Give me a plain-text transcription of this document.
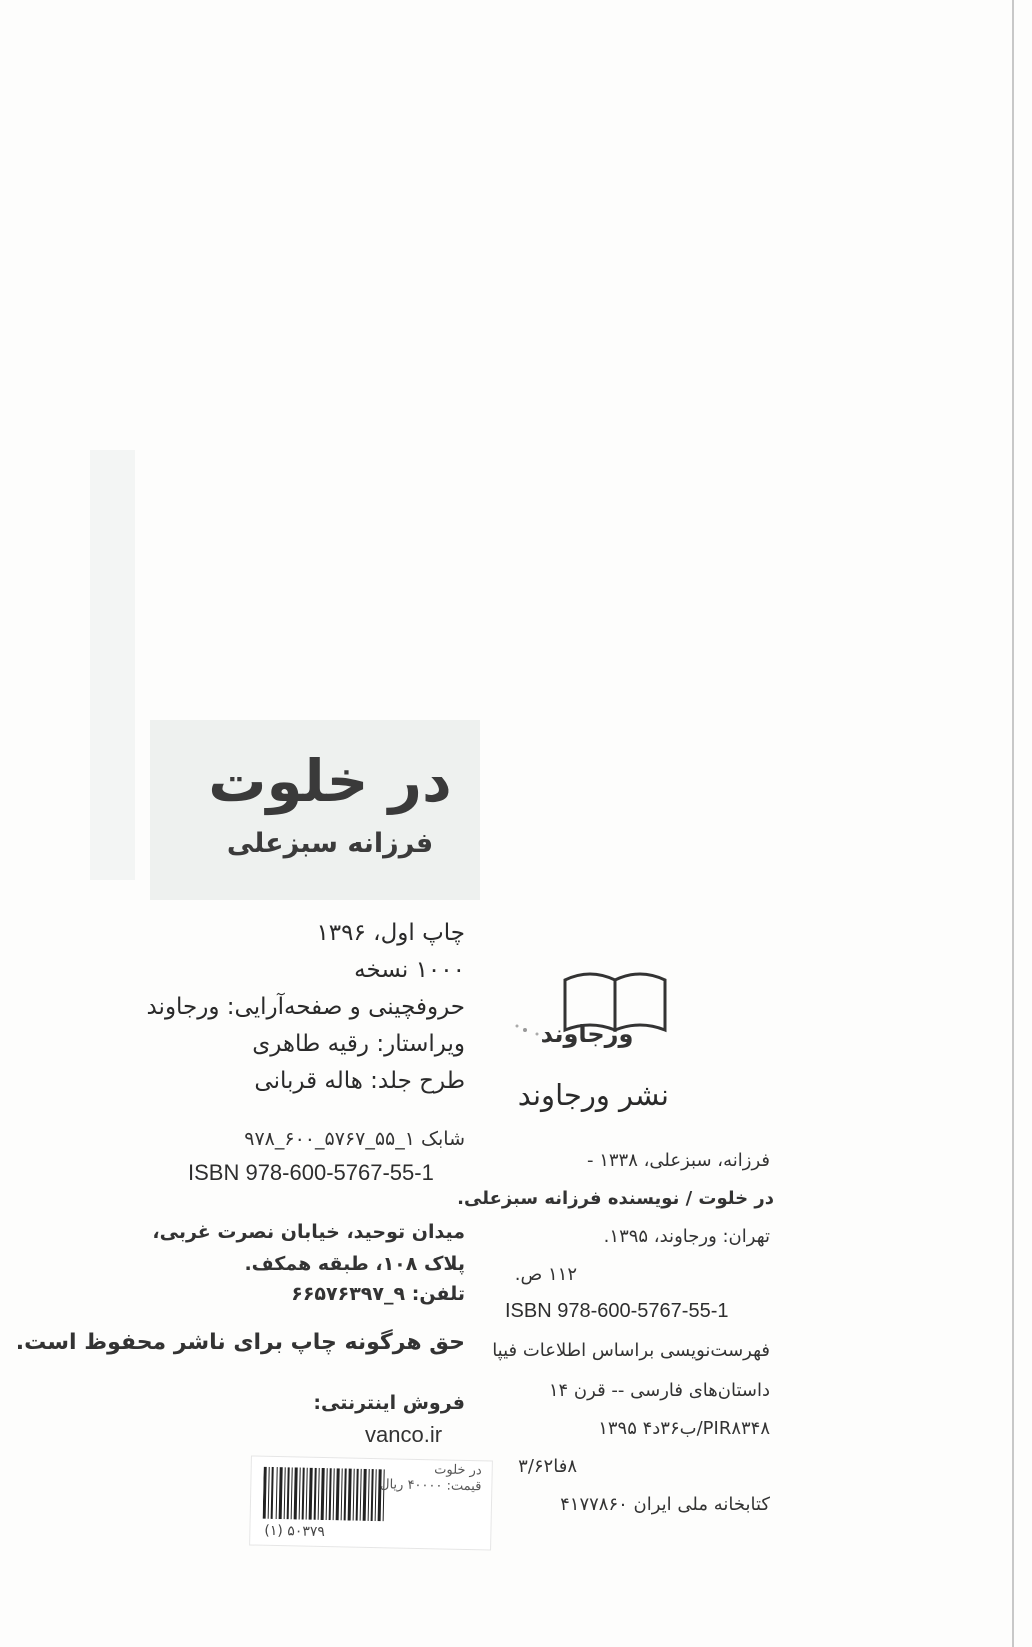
در خلوت
فرزانه سبزعلی
چاپ اول، ۱۳۹۶
۱۰۰۰ نسخه
حروفچینی و صفحه‌آرایی: ورجاوند
ویراستار: رقیه طاهری
طرح جلد: هاله قربانی
شابک ۱_۵۵_۵۷۶۷_۶۰۰_۹۷۸
ISBN 978-600-5767-55-1
میدان توحید، خیابان نصرت غربی،
پلاک ۱۰۸، طبقه همکف.
تلفن: ۹_۶۶۵۷۶۳۹۷
حق هرگونه چاپ برای ناشر محفوظ است.
فروش اینترنتی:
vanco.ir
ورجاوند
نشر ورجاوند
فرزانه، سبزعلی، ۱۳۳۸ -
در خلوت / نویسنده فرزانه سبزعلی.
تهران: ورجاوند، ۱۳۹۵.
۱۱۲ ص.
ISBN 978-600-5767-55-1
فهرست‌نویسی براساس اطلاعات فیپا
داستان‌های فارسی -- قرن ۱۴
PIR۸۳۴۸/ب۳۶د۴ ۱۳۹۵
۸فا۳/۶۲
کتابخانه ملی ایران ۴۱۷۷۸۶۰
در خلوت
قیمت: ۴۰۰۰۰ ریال
۵۰۳۷۹ (۱)
